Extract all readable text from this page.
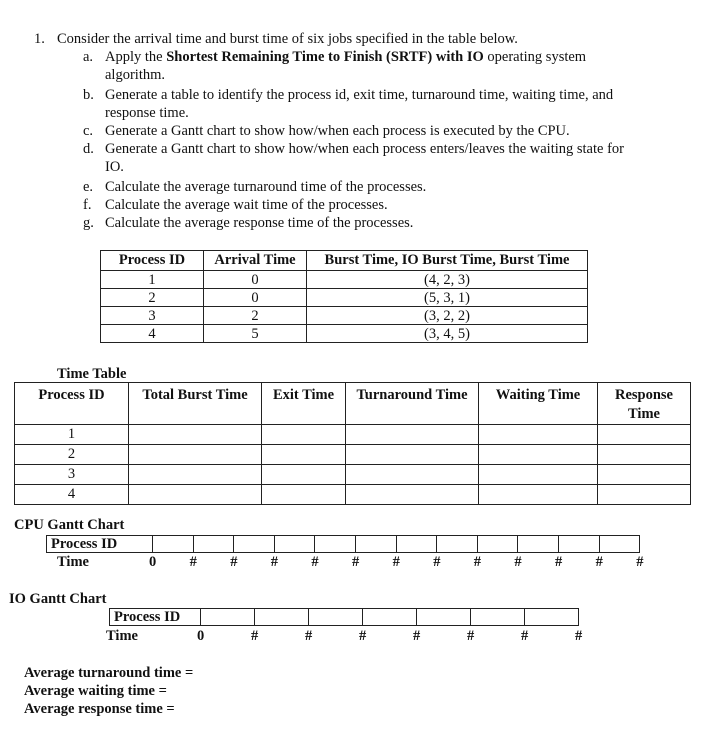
1. Consider the arrival time and burst time of six jobs specified in the table below.
a. Apply the Shortest Remaining Time to Finish (SRTF) with IO operating system
algorithm.
b. Generate a table to identify the process id, exit time, turnaround time, waiting time, and
response time.
c. Generate a Gantt chart to show how/when each process is executed by the CPU.
d. Generate a Gantt chart to show how/when each process enters/leaves the waiting state for
IO.
e. Calculate the average turnaround time of the processes.
f. Calculate the average wait time of the processes.
g. Calculate the average response time of the processes.
Process ID	Arrival Time	Burst Time, IO Burst Time, Burst Time
1	0	(4, 2, 3)
2	0	(5, 3, 1)
3	2	(3, 2, 2)
4	5	(3, 4, 5)
Time Table
Process ID	Total Burst Time	Exit Time	Turnaround Time	Waiting Time	Response Time
1					
2					
3					
4					
CPU Gantt Chart
Process ID
Time	0 # # # # # # # # # # # #
IO Gantt Chart
Process ID
Time	0	#	#	#	#	#	#	#
Average turnaround time =
Average waiting time =
Average response time =
